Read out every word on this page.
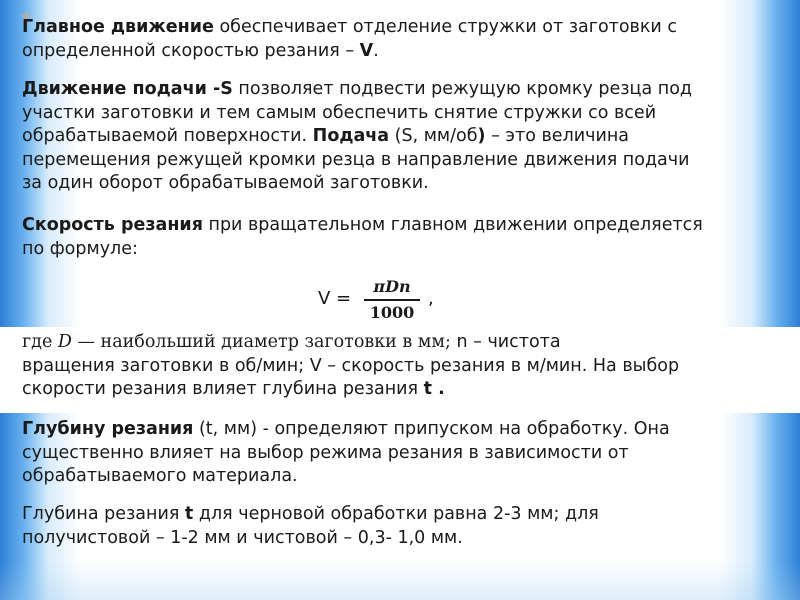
Главное движение обеспечивает отделение стружки от заготовки с
определенной скоростью резания – V.
Движение подачи -S позволяет подвести режущую кромку резца под
участки заготовки и тем самым обеспечить снятие стружки со всей
обрабатываемой поверхности. Подача (S, мм/об) – это величина
перемещения режущей кромки резца в направление движения подачи
за один оборот обрабатываемой заготовки.
Скорость резания при вращательном главном движении определяется
по формуле:
V =
πDn
1000
,
где D — наибольший диаметр заготовки в мм; n – чистота
вращения заготовки в об/мин; V – скорость резания в м/мин. На выбор
скорости резания влияет глубина резания t .
Глубину резания (t, мм) - определяют припуском на обработку. Она
существенно влияет на выбор режима резания в зависимости от
обрабатываемого материала.
Глубина резания t для черновой обработки равна 2-3 мм; для
получистовой – 1-2 мм и чистовой – 0,3- 1,0 мм.
